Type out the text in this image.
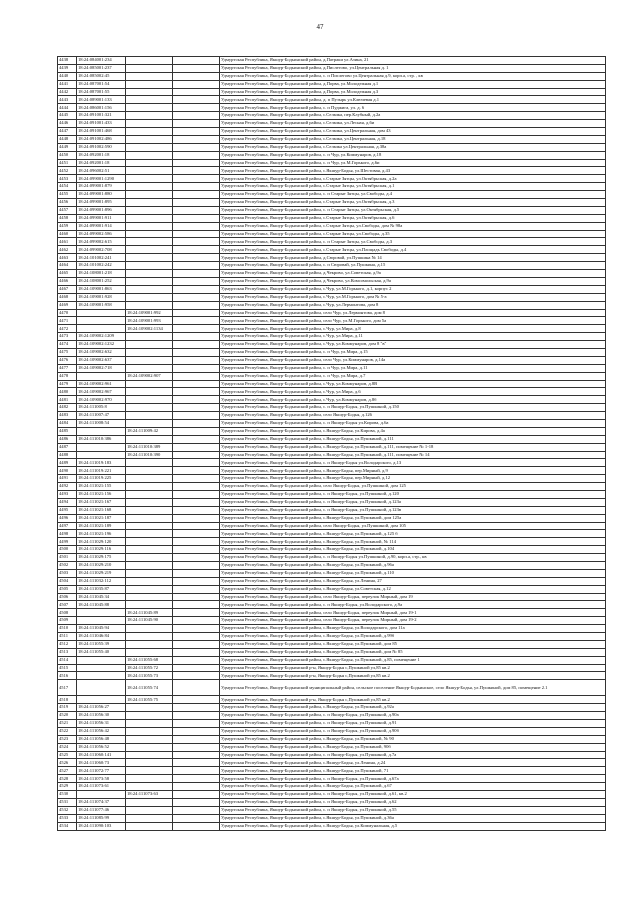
47
4438	18:24:084001:234			Удмуртская Республика, Якшур-Бодьинский район, д.Патраки ул.Азина, 21
4439	18:24:085001:237			Удмуртская Республика, Якшур-Бодьинский район, д.Пислегово, ул.Центральная д. 1
4440	18:24:085002:45			Удмуртская Республика, Якшур-Бодьинский район, с. п Пислегово ул.Центральная д.9, корп.а, стр. , кв
4441	18:24:087001:54			Удмуртская Республика, Якшур-Бодьинский район, д.Порва, ул.Молодежная д.1
4442	18:24:087001:55			Удмуртская Республика, Якшур-Бодьинский район, д.Порва, ул.Молодежная д.3
4443	18:24:089001:133			Удмуртская Республика, Якшур-Бодьинский район, д. п Пузырь ул.Ключевая д.1
4444	18:24:086001:156			Удмуртская Республика, Якшур-Бодьинский район, с. п Пуджига, ул. д. 6
4445	18:24:091001:321			Удмуртская Республика, Якшур-Бодьинский район, с.Сельчка, пер.Клубный, д.2а
4446	18:24:091001:433			Удмуртская Республика, Якшур-Бодьинский район, с.Сельчка, ул.Лесная, д.6и
4447	18:24:091001:468			Удмуртская Республика, Якшур-Бодьинский район, с.Сельчка, ул.Центральная, дом 43
4448	18:24:091002:486			Удмуртская Республика, Якшур-Бодьинский район, с.Сельчка, ул.Центральная, д.18
4449	18:24:091002:590			Удмуртская Республика, Якшур-Бодьинский район, с.Сельчка ул.Центральная, д.38а
4450	18:24:092001:18			Удмуртская Республика, Якшур-Бодьинский район, с. п Чур, ул.Коммунаров, д.18
4451	18:24:092001:18			Удмуртская Республика, Якшур-Бодьинский район, с. п Чур, ул.М.Горького, д.6и
4452	18:24:096002:51			Удмуртская Республика, Якшур-Бодьинский район, с.Якшур-Бодья, ул.Шестовая, д.43
4453	18:24:099001:1290			Удмуртская Республика, Якшур-Бодьинский район, с.Старые Зятцы, ул.Октябрьская, д.2а
4454	18:24:099001:879			Удмуртская Республика, Якшур-Бодьинский район, с.Старые Зятцы, ул.Октябрьская, д.1
4455	18:24:099001:880			Удмуртская Республика, Якшур-Бодьинский район, с. п Старые Зятцы, ул.Свободы, д.4
4456	18:24:099001:895			Удмуртская Республика, Якшур-Бодьинский район, с.Старые Зятцы, ул.Октябрьская, д.3
4457	18:24:099001:896			Удмуртская Республика, Якшур-Бодьинский район, с. п Старые Зятцы, ул.Октябрьская, д.5
4458	18:24:099001:911			Удмуртская Республика, Якшур-Бодьинский район, с.Старые Зятцы, ул.Октябрьская, д.6
4459	18:24:099001:914			Удмуртская Республика, Якшур-Бодьинский район, с.Старые Зятцы, ул.Свободы, дом № 98а
4460	18:24:099002:586			Удмуртская Республика, Якшур-Бодьинский район, с.Старые Зятцы, ул.Свободы, д.35
4461	18:24:099002:615			Удмуртская Республика, Якшур-Бодьинский район, с. п Старые Зятцы, ул.Свободы, д.3
4462	18:24:099002:708			Удмуртская Республика, Якшур-Бодьинский район, с.Старые Зятцы, ул.Площадь Свободы, д.4
4463	18:24:101002:241			Удмуртская Республика, Якшур-Бодьинский район, д.Сюровай, ул.Пушкина № 14
4464	18:24:101002:242			Удмуртская Республика, Якшур-Бодьинский район, с. п Сюровай, ул.Пушкина, д.15
4465	18:24:108001:218			Удмуртская Республика, Якшур-Бодьинский район, д.Чекрово, ул.Советская, д.9а
4466	18:24:108001:252			Удмуртская Республика, Якшур-Бодьинский район, д.Чекрово, ул.Комсомольская, д.9а
4467	18:24:109001:863			Удмуртская Республика, Якшур-Бодьинский район, с.Чур, ул.М.Горького, д.1, корпус 2
4468	18:24:109001:928			Удмуртская Республика, Якшур-Бодьинский район, с.Чур, ул.М.Горького, дом № 5-а
4469	18:24:109001:958			Удмуртская Республика, Якшур-Бодьинский район, с.Чур, ул.Лермонтова, дом 8
4470		18:24:109001:992		Удмуртская Республика, Якшур-Бодьинский район, село Чур, ул.Лермонтова, дом 8
4471		18:24:109001:993		Удмуртская Республика, Якшур-Бодьинский район, село Чур, ул.М.Горького, дом 5а
4472		18:24:109002:1134		Удмуртская Республика, Якшур-Бодьинский район, с.Чур, ул.Мира, д.8
4473	18:24:109002:1209			Удмуртская Республика, Якшур-Бодьинский район, с.Чур, ул.Мира, д.11
4474	18:24:109002:1232			Удмуртская Республика, Якшур-Бодьинский район, с.Чур, ул.Коммунаров, дом 8 "в"
4475	18:24:109002:632			Удмуртская Республика, Якшур-Бодьинский район, с. п Чур, ул.Мира, д.15
4476	18:24:109002:637			Удмуртская Республика, Якшур-Бодьинский район, село Чур, ул.Коммунаров, д.14а
4477	18:24:109002:718			Удмуртская Республика, Якшур-Бодьинский район, с. п Чур, ул.Мира, д.11
4478		18:24:109002:907		Удмуртская Республика, Якшур-Бодьинский район, с. п Чур, ул.Мира, д.7
4479	18:24:109002:961			Удмуртская Республика, Якшур-Бодьинский район, с.Чур, ул.Коммунаров, д.8В
4480	18:24:109002:967			Удмуртская Республика, Якшур-Бодьинский район, с.Чур, ул.Мира, д.6
4481	18:24:109002:970			Удмуртская Республика, Якшур-Бодьинский район, с.Чур, ул.Коммунаров, д.8б
4482	18:24:111005:8			Удмуртская Республика, Якшур-Бодьинский район, с. п Якшур-Бодья, ул.Пушкиной, д.150
4483	18:24:111007:47			Удмуртская Республика, Якшур-Бодьинский район, село Якшур-Бодья, д.126
4484	18:24:111008:54			Удмуртская Республика, Якшур-Бодьинский район, с. п Якшур-Бодья ул.Кирова, д.6а
4485		18:24:111009:42		Удмуртская Республика, Якшур-Бодьинский район, с.Якшур-Бодья, ул.Кирова, д.4а
4486	18:24:111010:386			Удмуртская Республика, Якшур-Бодьинский район, с.Якшур-Бодья, ул.Пушкиной, д.111
4487		18:24:111010:389		Удмуртская Республика, Якшур-Бодьинский район, с.Якшур-Бодья, ул.Пушкиной, д.111, помещение № 1-18
4488		18:24:111010:390		Удмуртская Республика, Якшур-Бодьинский район, с.Якшур-Бодья, ул.Пушкиной, д.111, помещение № 14
4489	18:24:111019:183			Удмуртская Республика, Якшур-Бодьинский район, с. п Якшур-Бодья ул.Володарского, д.13
4490	18:24:111019:221			Удмуртская Республика, Якшур-Бодьинский район, с.Якшур-Бодья, пер.Мирный, д.9
4491	18:24:111019:225			Удмуртская Республика, Якшур-Бодьинский район, с.Якшур-Бодья, пер.Мирный, д.12
4492	18:24:111021:155			Удмуртская Республика, Якшур-Бодьинский район, село Якшур-Бодья, ул.Пушкиной, дом 125
4493	18:24:111021:156			Удмуртская Республика, Якшур-Бодьинский район, с. п Якшур-Бодья, ул.Пушкиной, д.120
4494	18:24:111021:167			Удмуртская Республика, Якшур-Бодьинский район, с. п Якшур-Бодья, ул.Пушкиной, д.123а
4495	18:24:111021:168			Удмуртская Республика, Якшур-Бодьинский район, с. п Якшур-Бодья, ул.Пушкиной, д.123в
4496	18:24:111021:187			Удмуртская Республика, Якшур-Бодьинский район, с.Якшур-Бодья, ул.Пушкиной, дом 125а
4497	18:24:111021:189			Удмуртская Республика, Якшур-Бодьинский район, село Якшур-Бодья, ул.Пушкиной, дом 105
4498	18:24:111021:196			Удмуртская Республика, Якшур-Бодьинский район, с.Якшур-Бодья, ул.Пушкиной, д.125 б
4499	18:24:111029:120			Удмуртская Республика, Якшур-Бодьинский район, с.Якшур-Бодья, ул.Пушкиной, № 114
4500	18:24:111029:116			Удмуртская Республика, Якшур-Бодьинский район, с.Якшур-Бодья, ул.Пушкиной, д.104
4501	18:24:111029:175			Удмуртская Республика, Якшур-Бодьинский район, с. п Якшур-Бодья ул.Пушкиной, д.90, корп.а, стр., кв
4502	18:24:111029:210			Удмуртская Республика, Якшур-Бодьинский район, с.Якшур-Бодья, ул.Пушкиной, д.96а
4503	18:24:111029:219			Удмуртская Республика, Якшур-Бодьинский район, с.Якшур-Бодья, ул.Пушкиной, д.110
4504	18:24:111032:112			Удмуртская Республика, Якшур-Бодьинский район, с.Якшур-Бодья, ул.Ленина, 27
4505	18:24:111035:87			Удмуртская Республика, Якшур-Бодьинский район, с.Якшур-Бодья, ул.Советская, д.12
4506	18:24:111045:34			Удмуртская Республика, Якшур-Бодьинский район, село Якшур-Бодья, переулок Мирный, дом 19
4507	18:24:111045:88			Удмуртская Республика, Якшур-Бодьинский район, с. п Якшур-Бодья, ул.Володарского, д.9а
4508		18:24:111045:89		Удмуртская Республика, Якшур-Бодьинский район, село Якшур-Бодья, переулок Мирный, дом 19-1
4509		18:24:111045:90		Удмуртская Республика, Якшур-Бодьинский район, село Якшур-Бодья, переулок Мирный, дом 19-2
4510	18:24:111045:94			Удмуртская Республика, Якшур-Бодьинский район, с.Якшур-Бодья, ул.Володарского, дом 11а
4511	18:24:111046:84			Удмуртская Республика, Якшур-Бодьинский район, с.Якшур-Бодья, ул.Пушкиной, д.99б
4512	18:24:111055:39			Удмуртская Республика, Якшур-Бодьинский район, с.Якшур-Бодья, ул.Пушкиной, дом 85
4513	18:24:111055:40			Удмуртская Республика, Якшур-Бодьинский район, с.Якшур-Бодья, ул.Пушкиной, дом № 85
4514		18:24:111055:68		Удмуртская Республика, Якшур-Бодьинский район, с.Якшур-Бодья, ул.Пушкиной, д.85, помещение 1
4515		18:24:111055:72		Удмуртская Республика, Якшур-Бодьинский р-н, Якшур-Бодья с,Пушкиной ул,85 кв.2
4516		18:24:111055:73		Удмуртская Республика, Якшур-Бодьинский р-н, Якшур-Бодья с,Пушкиной ул,85 кв.2
4517		18:24:111055:74		Удмуртская Республика, Якшур-Бодьинский муниципальный район, сельское поселение Якшур-Бодьинское, село Якшур-Бодья, ул.Пушкиной, дом 85, помещение 2.1
4518		18:24:111055:75		Удмуртская Республика, Якшур-Бодьинский р-н, Якшур-Бодья с,Пушкиной ул,85 кв.2
4519	18:24:111056:27			Удмуртская Республика, Якшур-Бодьинский район, с.Якшур-Бодья, ул.Пушкиной, д.92а
4520	18:24:111056:30			Удмуртская Республика, Якшур-Бодьинский район, с. п Якшур-Бодья, ул.Пушкиной, д.90а
4521	18:24:111056:31			Удмуртская Республика, Якшур-Бодьинский район, с. п Якшур-Бодья, ул.Пушкиной, д.91
4522	18:24:111056:42			Удмуртская Республика, Якшур-Бодьинский район, с. п Якшур-Бодья, ул.Пушкиной, д.90б
4523	18:24:111056:48			Удмуртская Республика, Якшур-Бодьинский район, с.Якшур-Бодья, ул.Пушкиной, № 90
4524	18:24:111056:52			Удмуртская Республика, Якшур-Бодьинский район, с.Якшур-Бодья, ул.Пушкиной, 90б
4525	18:24:111060:141			Удмуртская Республика, Якшур-Бодьинский район, с. п Якшур-Бодья, ул.Пушкиной, д.7а
4526	18:24:111060:73			Удмуртская Республика, Якшур-Бодьинский район, с.Якшур-Бодья, ул.Ленина, д.24
4527	18:24:111072:77			Удмуртская Республика, Якшур-Бодьинский район, с.Якшур-Бодья, ул.Пушкиной, 71
4528	18:24:111073:58			Удмуртская Республика, Якшур-Бодьинский район, с. п Якшур-Бодья, ул.Пушкиной, д.67а
4529	18:24:111073:61			Удмуртская Республика, Якшур-Бодьинский район, с.Якшур-Бодья, ул.Пушкиной, д.67
4530		18:24:111073:63		Удмуртская Республика, Якшур-Бодьинский район, с. п Якшур-Бодья, ул.Пушкиной, д.61, кв.2
4531	18:24:111074:37			Удмуртская Республика, Якшур-Бодьинский район, с. п Якшур-Бодья, ул.Пушкиной, д.62
4532	18:24:111077:46			Удмуртская Республика, Якшур-Бодьинский район, с. п Якшур-Бодья, ул.Пушкиной, д.55
4533	18:24:111085:99			Удмуртская Республика, Якшур-Бодьинский район, с.Якшур-Бодья, ул.Пушкиной, д.36а
4534	18:24:111090:103			Удмуртская Республика, Якшур-Бодьинский район, с.Якшур-Бодья, ул.Коммунальная, д.5
